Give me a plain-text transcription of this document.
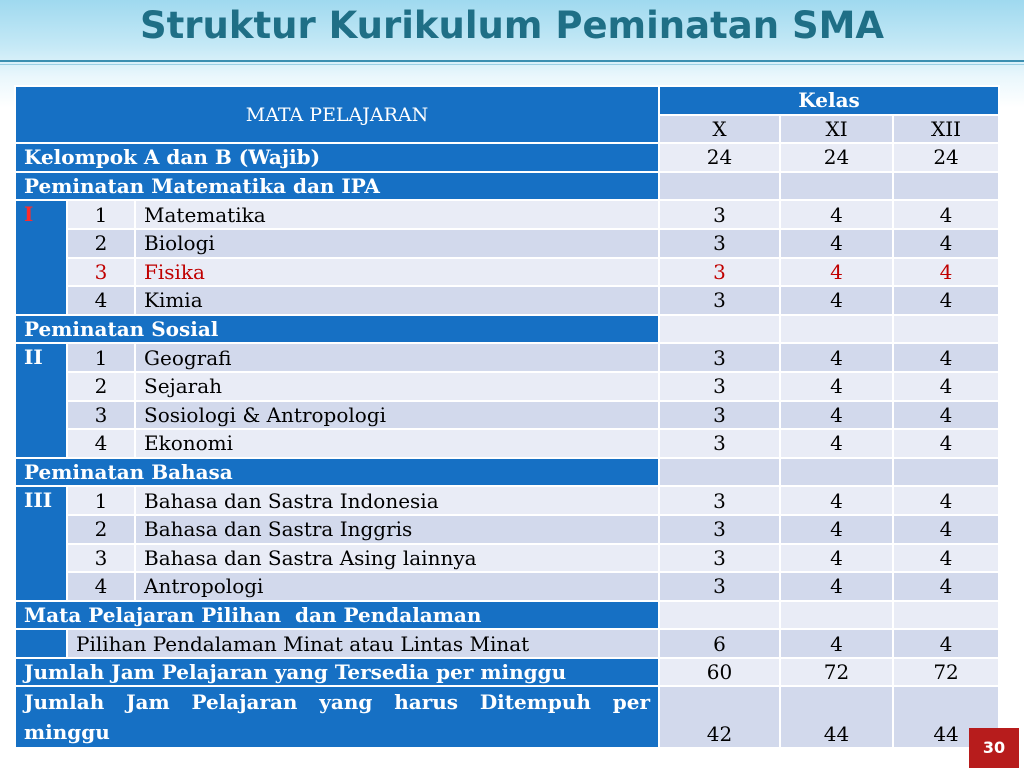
Struktur Kurikulum Peminatan SMA
MATA PELAJARAN			Kelas		
			X	XI	XII
Kelompok A dan B (Wajib)			24	24	24
Peminatan Matematika dan IPA					
I	1	Matematika	3	4	4
	2	Biologi	3	4	4
	3	Fisika	3	4	4
	4	Kimia	3	4	4
Peminatan Sosial					
II	1	Geografi	3	4	4
	2	Sejarah	3	4	4
	3	Sosiologi & Antropologi	3	4	4
	4	Ekonomi	3	4	4
Peminatan Bahasa					
III	1	Bahasa dan Sastra Indonesia	3	4	4
	2	Bahasa dan Sastra Inggris	3	4	4
	3	Bahasa dan Sastra Asing lainnya	3	4	4
	4	Antropologi	3	4	4
Mata Pelajaran Pilihan  dan Pendalaman					
	Pilihan Pendalaman Minat atau Lintas Minat		6	4	4
Jumlah Jam Pelajaran yang Tersedia per minggu			60	72	72
Jumlah Jam Pelajaran yang harus Ditempuh per minggu			42	44	44
30
